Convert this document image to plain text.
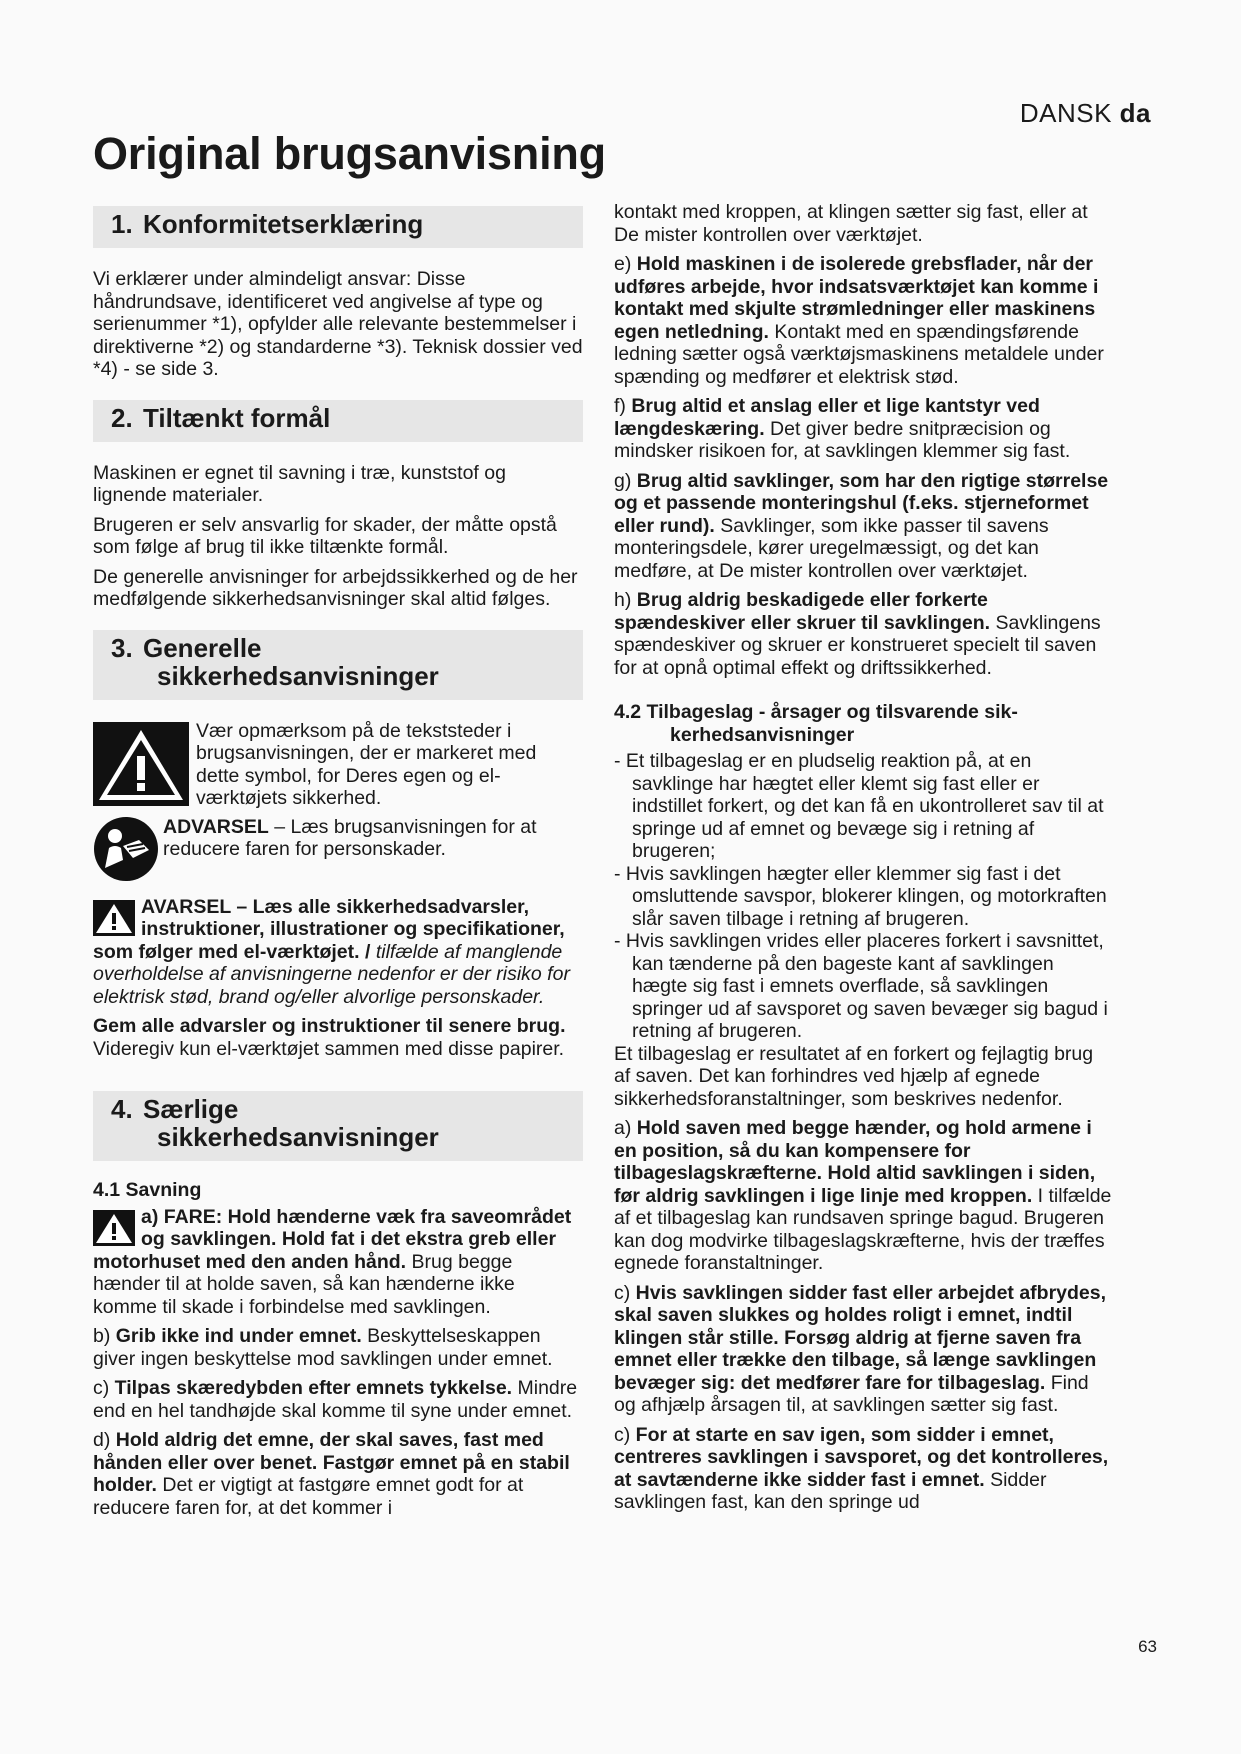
DANSK da
Original brugsanvisning
1. Konformitetserklæring

Vi erklærer under almindeligt ansvar: Disse håndrundsave, identificeret ved angivelse af type og serienummer *1), opfylder alle relevante bestemmelser i direktiverne *2) og standarderne *3). Teknisk dossier ved *4) - se side 3.

2. Tiltænkt formål

Maskinen er egnet til savning i træ, kunststof og lignende materialer.

Brugeren er selv ansvarlig for skader, der måtte opstå som følge af brug til ikke tiltænkte formål.

De generelle anvisninger for arbejdssikkerhed og de her medfølgende sikkerhedsanvisninger skal altid følges.

3. Generelle
sikkerhedsanvisninger

Vær opmærksom på de tekststeder i brugsanvisningen, der er markeret med dette symbol, for Deres egen og el-værktøjets sikkerhed.

ADVARSEL – Læs brugsanvisningen for at reducere faren for personskader.

AVARSEL – Læs alle sikkerhedsadvarsler, instruktioner, illustrationer og specifikationer, som følger med el-værktøjet. / tilfælde af manglende overholdelse af anvisningerne nedenfor er der risiko for elektrisk stød, brand og/eller alvorlige personskader.

Gem alle advarsler og instruktioner til senere brug. Videregiv kun el-værktøjet sammen med disse papirer.

4. Særlige
sikkerhedsanvisninger
4.1 Savning

a) FARE: Hold hænderne væk fra saveområdet og savklingen. Hold fat i det ekstra greb eller motorhuset med den anden hånd. Brug begge hænder til at holde saven, så kan hænderne ikke komme til skade i forbindelse med savklingen.

b) Grib ikke ind under emnet. Beskyttelseskappen giver ingen beskyttelse mod savklingen under emnet.

c) Tilpas skæredybden efter emnets tykkelse. Mindre end en hel tandhøjde skal komme til syne under emnet.

d) Hold aldrig det emne, der skal saves, fast med hånden eller over benet. Fastgør emnet på en stabil holder. Det er vigtigt at fastgøre emnet godt for at reducere faren for, at det kommer i

kontakt med kroppen, at klingen sætter sig fast, eller at De mister kontrollen over værktøjet.

e) Hold maskinen i de isolerede grebsflader, når der udføres arbejde, hvor indsatsværktøjet kan komme i kontakt med skjulte strømledninger eller maskinens egen netledning. Kontakt med en spændingsførende ledning sætter også værktøjsmaskinens metaldele under spænding og medfører et elektrisk stød.

f) Brug altid et anslag eller et lige kantstyr ved længdeskæring. Det giver bedre snitpræcision og mindsker risikoen for, at savklingen klemmer sig fast.

g) Brug altid savklinger, som har den rigtige størrelse og et passende monteringshul (f.eks. stjerneformet eller rund). Savklinger, som ikke passer til savens monteringsdele, kører uregelmæssigt, og det kan medføre, at De mister kontrollen over værktøjet.

h) Brug aldrig beskadigede eller forkerte spændeskiver eller skruer til savklingen. Savklingens spændeskiver og skruer er konstrueret specielt til saven for at opnå optimal effekt og driftssikkerhed.

4.2 Tilbageslag - årsager og tilsvarende sik-
kerhedsanvisninger

- Et tilbageslag er en pludselig reaktion på, at en savklinge har hægtet eller klemt sig fast eller er indstillet forkert, og det kan få en ukontrolleret sav til at springe ud af emnet og bevæge sig i retning af brugeren;

- Hvis savklingen hægter eller klemmer sig fast i det omsluttende savspor, blokerer klingen, og motorkraften slår saven tilbage i retning af brugeren.

- Hvis savklingen vrides eller placeres forkert i savsnittet, kan tænderne på den bageste kant af savklingen hægte sig fast i emnets overflade, så savklingen springer ud af savsporet og saven bevæger sig bagud i retning af brugeren.

Et tilbageslag er resultatet af en forkert og fejlagtig brug af saven. Det kan forhindres ved hjælp af egnede sikkerhedsforanstaltninger, som beskrives nedenfor.

a) Hold saven med begge hænder, og hold armene i en position, så du kan kompensere for tilbageslagskræfterne. Hold altid savklingen i siden, før aldrig savklingen i lige linje med kroppen. I tilfælde af et tilbageslag kan rundsaven springe bagud. Brugeren kan dog modvirke tilbageslagskræfterne, hvis der træffes egnede foranstaltninger.

c) Hvis savklingen sidder fast eller arbejdet afbrydes, skal saven slukkes og holdes roligt i emnet, indtil klingen står stille. Forsøg aldrig at fjerne saven fra emnet eller trække den tilbage, så længe savklingen bevæger sig: det medfører fare for tilbageslag. Find og afhjælp årsagen til, at savklingen sætter sig fast.

c) For at starte en sav igen, som sidder i emnet, centreres savklingen i savsporet, og det kontrolleres, at savtænderne ikke sidder fast i emnet. Sidder savklingen fast, kan den springe ud

63
